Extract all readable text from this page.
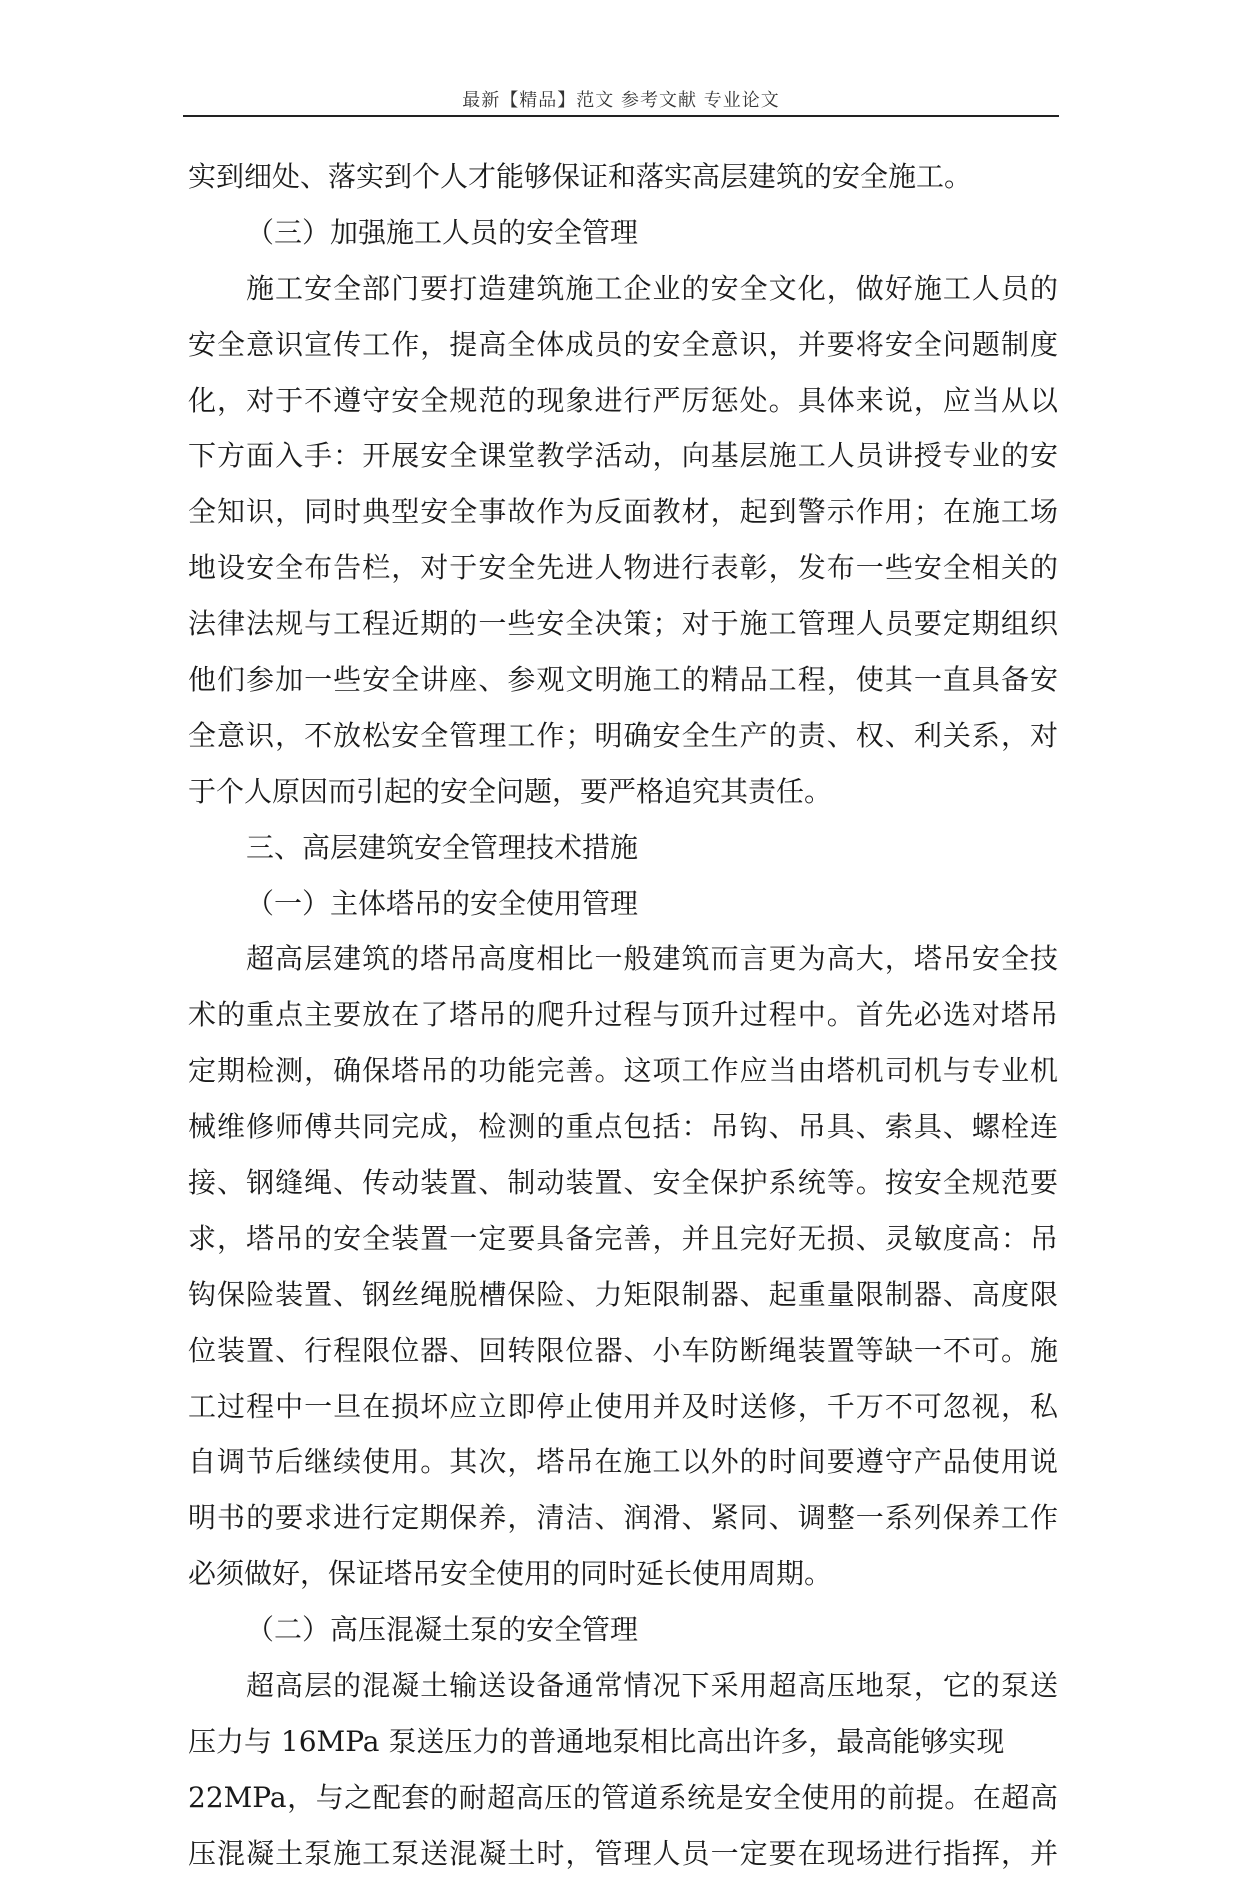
最新【精品】范文 参考文献 专业论文
实到细处、落实到个人才能够保证和落实高层建筑的安全施工。
（三）加强施工人员的安全管理
施工安全部门要打造建筑施工企业的安全文化，做好施工人员的
安全意识宣传工作，提高全体成员的安全意识，并要将安全问题制度
化，对于不遵守安全规范的现象进行严厉惩处。具体来说，应当从以
下方面入手：开展安全课堂教学活动，向基层施工人员讲授专业的安
全知识，同时典型安全事故作为反面教材，起到警示作用；在施工场
地设安全布告栏，对于安全先进人物进行表彰，发布一些安全相关的
法律法规与工程近期的一些安全决策；对于施工管理人员要定期组织
他们参加一些安全讲座、参观文明施工的精品工程，使其一直具备安
全意识，不放松安全管理工作；明确安全生产的责、权、利关系，对
于个人原因而引起的安全问题，要严格追究其责任。
三、高层建筑安全管理技术措施
（一）主体塔吊的安全使用管理
超高层建筑的塔吊高度相比一般建筑而言更为高大，塔吊安全技
术的重点主要放在了塔吊的爬升过程与顶升过程中。首先必选对塔吊
定期检测，确保塔吊的功能完善。这项工作应当由塔机司机与专业机
械维修师傅共同完成，检测的重点包括：吊钩、吊具、索具、螺栓连
接、钢缝绳、传动装置、制动装置、安全保护系统等。按安全规范要
求，塔吊的安全装置一定要具备完善，并且完好无损、灵敏度高：吊
钩保险装置、钢丝绳脱槽保险、力矩限制器、起重量限制器、高度限
位装置、行程限位器、回转限位器、小车防断绳装置等缺一不可。施
工过程中一旦在损坏应立即停止使用并及时送修，千万不可忽视，私
自调节后继续使用。其次，塔吊在施工以外的时间要遵守产品使用说
明书的要求进行定期保养，清洁、润滑、紧同、调整一系列保养工作
必须做好，保证塔吊安全使用的同时延长使用周期。
（二）高压混凝土泵的安全管理
超高层的混凝土输送设备通常情况下采用超高压地泵，它的泵送
压力与 16MPa 泵送压力的普通地泵相比高出许多，最高能够实现
22MPa，与之配套的耐超高压的管道系统是安全使用的前提。在超高
压混凝土泵施工泵送混凝土时，管理人员一定要在现场进行指挥，并
